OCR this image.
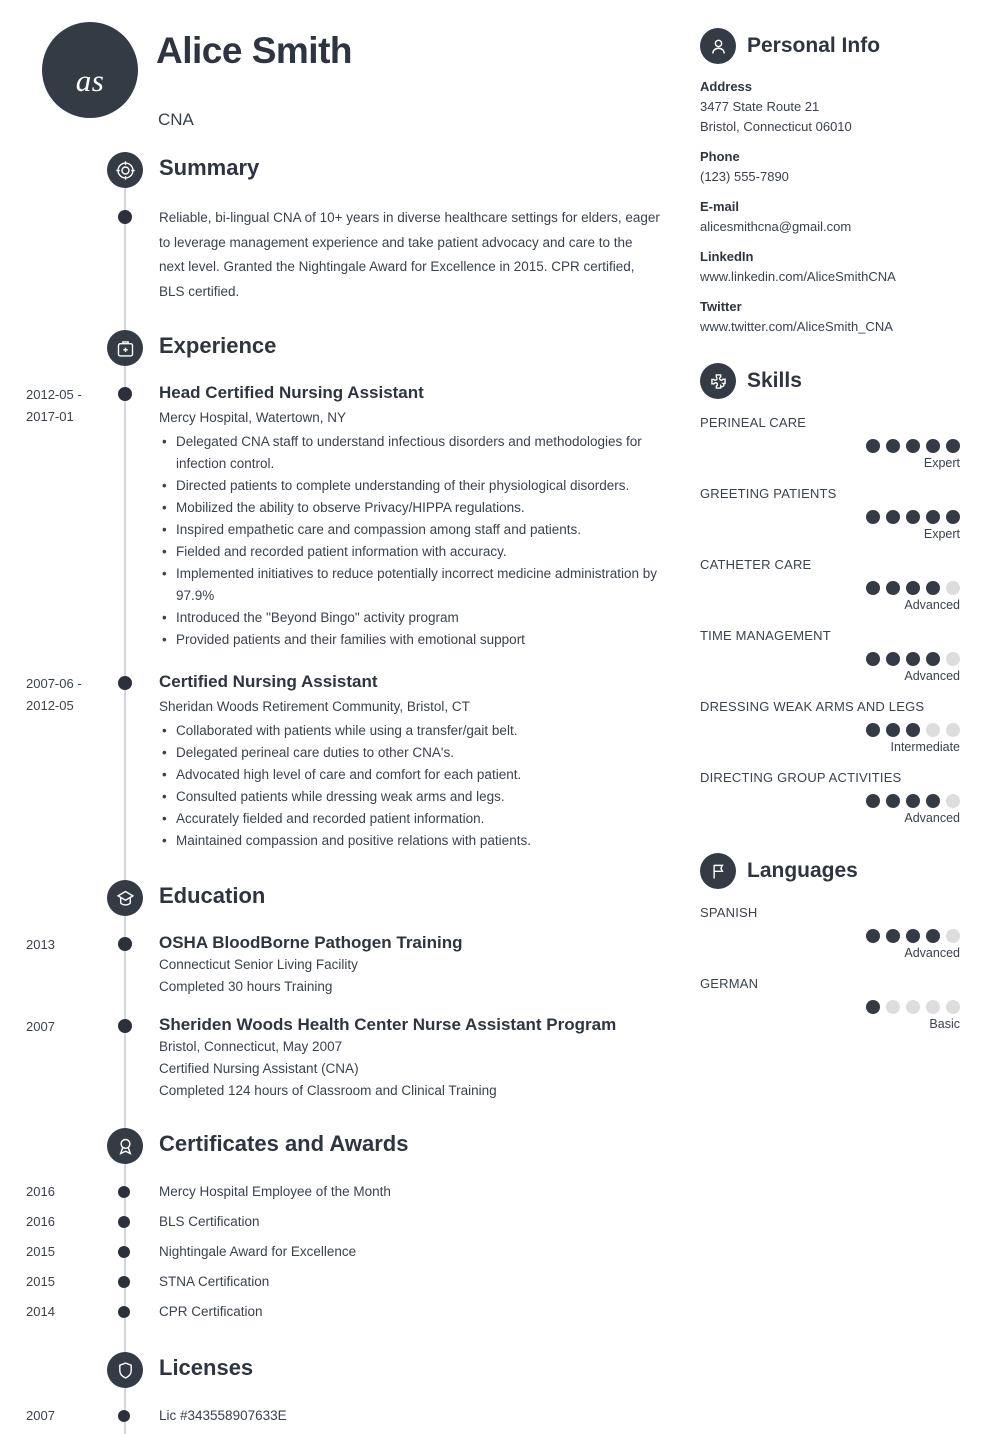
as
Alice Smith
CNA
Summary
Reliable, bi-lingual CNA of 10+ years in diverse healthcare settings for elders, eager to leverage management experience and take patient advocacy and care to the next level. Granted the Nightingale Award for Excellence in 2015. CPR certified, BLS certified.
Experience
2012-05 -
2017-01
Head Certified Nursing Assistant
Mercy Hospital, Watertown, NY
• Delegated CNA staff to understand infectious disorders and methodologies for infection control.
• Directed patients to complete understanding of their physiological disorders.
• Mobilized the ability to observe Privacy/HIPPA regulations.
• Inspired empathetic care and compassion among staff and patients.
• Fielded and recorded patient information with accuracy.
• Implemented initiatives to reduce potentially incorrect medicine administration by 97.9%
• Introduced the "Beyond Bingo" activity program
• Provided patients and their families with emotional support
2007-06 -
2012-05
Certified Nursing Assistant
Sheridan Woods Retirement Community, Bristol, CT
• Collaborated with patients while using a transfer/gait belt.
• Delegated perineal care duties to other CNA's.
• Advocated high level of care and comfort for each patient.
• Consulted patients while dressing weak arms and legs.
• Accurately fielded and recorded patient information.
• Maintained compassion and positive relations with patients.
Education
2013	OSHA BloodBorne Pathogen Training
Connecticut Senior Living Facility
Completed 30 hours Training
2007	Sheriden Woods Health Center Nurse Assistant Program
Bristol, Connecticut, May 2007
Certified Nursing Assistant (CNA)
Completed 124 hours of Classroom and Clinical Training
Certificates and Awards
2016	Mercy Hospital Employee of the Month
2016	BLS Certification
2015	Nightingale Award for Excellence
2015	STNA Certification
2014	CPR Certification
Licenses
2007	Lic #343558907633E
Personal Info
Address
3477 State Route 21
Bristol, Connecticut 06010
Phone
(123) 555-7890
E-mail
alicesmithcna@gmail.com
LinkedIn
www.linkedin.com/AliceSmithCNA
Twitter
www.twitter.com/AliceSmith_CNA
Skills
PERINEAL CARE
Expert
GREETING PATIENTS
Expert
CATHETER CARE
Advanced
TIME MANAGEMENT
Advanced
DRESSING WEAK ARMS AND LEGS
Intermediate
DIRECTING GROUP ACTIVITIES
Advanced
Languages
SPANISH
Advanced
GERMAN
Basic
